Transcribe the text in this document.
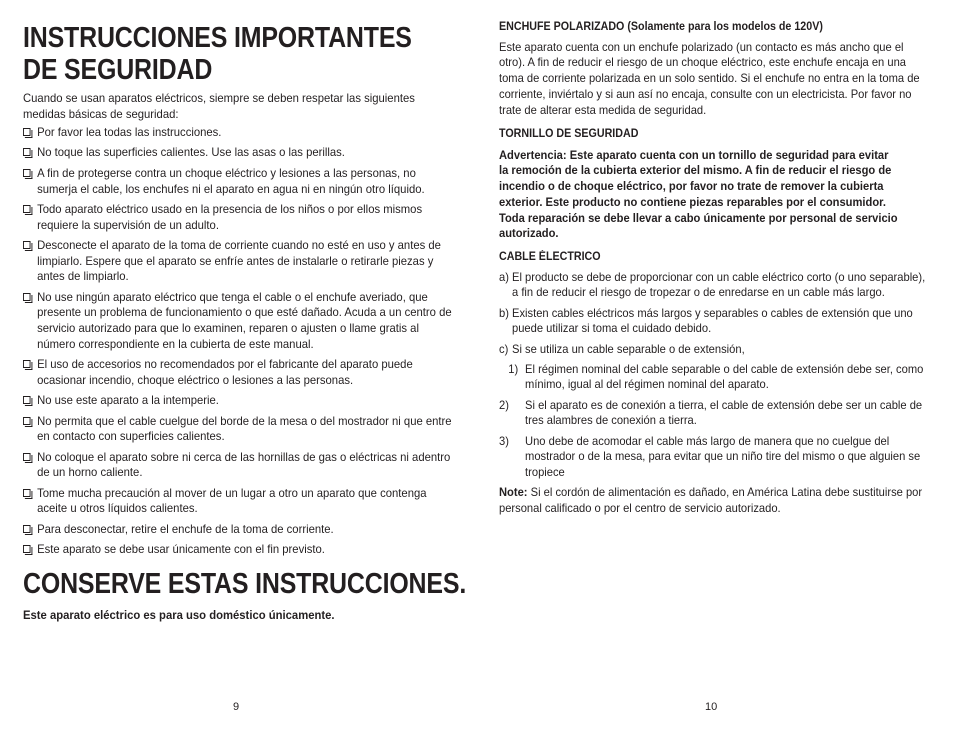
INSTRUCCIONES IMPORTANTES
DE SEGURIDAD
Cuando se usan aparatos eléctricos, siempre se deben respetar las siguientes medidas básicas de seguridad:
Por favor lea todas las instrucciones.
No toque las superficies calientes. Use las asas o las perillas.
A fin de protegerse contra un choque eléctrico y lesiones a las personas, no sumerja el cable, los enchufes ni el aparato en agua ni en ningún otro líquido.
Todo aparato eléctrico usado en la presencia de los niños o por ellos mismos requiere la supervisión de un adulto.
Desconecte el aparato de la toma de corriente cuando no esté en uso y antes de limpiarlo. Espere que el aparato se enfríe antes de instalarle o retirarle piezas y antes de limpiarlo.
No use ningún aparato eléctrico que tenga el cable o el enchufe averiado, que presente un problema de funcionamiento o que esté dañado. Acuda a un centro de servicio autorizado para que lo examinen, reparen o ajusten o llame gratis al número correspondiente en la cubierta de este manual.
El uso de accesorios no recomendados por el fabricante del aparato puede ocasionar incendio, choque eléctrico o lesiones a las personas.
No use este aparato a la intemperie.
No permita que el cable cuelgue del borde de la mesa o del mostrador ni que entre en contacto con superficies calientes.
No coloque el aparato sobre ni cerca de las hornillas de gas o eléctricas ni adentro de un horno caliente.
Tome mucha precaución al mover de un lugar a otro un aparato que contenga aceite u otros líquidos calientes.
Para desconectar, retire el enchufe de la toma de corriente.
Este aparato se debe usar únicamente con el fin previsto.
CONSERVE ESTAS INSTRUCCIONES.
Este aparato eléctrico es para uso doméstico únicamente.
9
ENCHUFE POLARIZADO (Solamente para los modelos de 120V)
Este aparato cuenta con un enchufe polarizado (un contacto es más ancho que el otro). A fin de reducir el riesgo de un choque eléctrico, este enchufe encaja en una toma de corriente polarizada en un solo sentido. Si el enchufe no entra en la toma de corriente, inviértalo y si aun así no encaja, consulte con un electricista. Por favor no trate de alterar esta medida de seguridad.
TORNILLO DE SEGURIDAD
Advertencia: Este aparato cuenta con un tornillo de seguridad para evitar la remoción de la cubierta exterior del mismo. A fin de reducir el riesgo de incendio o de choque eléctrico, por favor no trate de remover la cubierta exterior. Este producto no contiene piezas reparables por el consumidor. Toda reparación se debe llevar a cabo únicamente por personal de servicio autorizado.
CABLE ÉLECTRICO
a) El producto se debe de proporcionar con un cable eléctrico corto (o uno separable), a fin de reducir el riesgo de tropezar o de enredarse en un cable más largo.
b) Existen cables eléctricos más largos y separables o cables de extensión que uno puede utilizar si toma el cuidado debido.
c) Si se utiliza un cable separable o de extensión,
1) El régimen nominal del cable separable o del cable de extensión debe ser, como mínimo, igual al del régimen nominal del aparato.
2) Si el aparato es de conexión a tierra, el cable de extensión debe ser un cable de tres alambres de conexión a tierra.
3) Uno debe de acomodar el cable más largo de manera que no cuelgue del mostrador o de la mesa, para evitar que un niño tire del mismo o que alguien se tropiece
Note: Si el cordón de alimentación es dañado, en América Latina debe sustituirse por personal calificado o por el centro de servicio autorizado.
10
